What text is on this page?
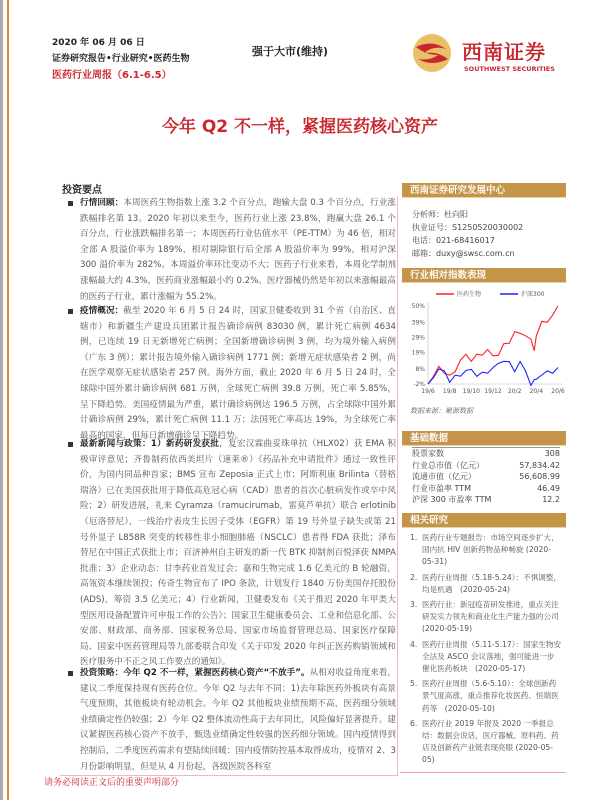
2020 年 06 月 06 日
证券研究报告•行业研究•医药生物
医药行业周报（6.1-6.5）
强于大市(维持)	西南证券
SOUTHWEST SECURITIES
今年 Q2 不一样，紧握医药核心资产
投资要点
行情回顾：本周医药生物指数上涨 3.2 个百分点，跑输大盘 0.3 个百分点，行业涨跌幅排名第 13。2020 年初以来至今，医药行业上涨 23.8%，跑赢大盘 26.1 个百分点，行业涨跌幅排名第一；本周医药行业估值水平（PE-TTM）为 46 倍，相对全部 A 股溢价率为 189%，相对剔除银行后全部 A 股溢价率为 99%，相对沪深 300 溢价率为 282%。本周溢价率环比变动不大；医药子行业来看，本周化学制剂涨幅最大约 4.3%，医药商业涨幅最小约 0.2%。医疗器械仍然是年初以来涨幅最高的医药子行业，累计涨幅为 55.2%。
疫情概况：截至 2020 年 6 月 5 日 24 时，国家卫健委收到 31 个省（自治区、直辖市）和新疆生产建设兵团累计报告确诊病例 83030 例，累计死亡病例 4634 例，已连续 19 日无新增死亡病例；全国新增确诊病例 3 例，均为境外输入病例（广东 3 例）；累计报告境外输入确诊病例 1771 例；新增无症状感染者 2 例，尚在医学观察无症状感染者 257 例。海外方面，截止 2020 年 6 月 5 日 24 时，全球除中国外累计确诊病例 681 万例，全球死亡病例 39.8 万例，死亡率 5.85%，呈下降趋势。美国疫情最为严重，累计确诊病例达 196.5 万例，占全球除中国外累计确诊病例 29%，累计死亡病例 11.1 万；法国死亡率高达 19%，为全球死亡率最高的国家，但每日新增确诊呈下降趋势。
最新新闻与政策：1）新药研发获批，复宏汉霖曲妥珠单抗（HLX02）获 EMA 积极审评意见；齐鲁制药依西美坦片（速莱®）《药品补充申请批件》通过一致性评价，为国内同品种首家；BMS 宣布 Zeposia 正式上市；阿斯利康 Brilinta（替格瑞洛）已在美国获批用于降低高危冠心病（CAD）患者的首次心脏病发作或卒中风险；2）研发进展，礼来 Cyramza（ramucirumab，雷莫芦单抗）联合 erlotinib（厄洛替尼），一线治疗表皮生长因子受体（EGFR）第 19 号外显子缺失或第 21 号外显子 L858R 突变的转移性非小细胞肺癌（NSCLC）患者得 FDA 获批；泽布替尼在中国正式获批上市；百济神州自主研发的新一代 BTK 抑制剂百悦泽获 NMPA 批准；3）企业动态：甘李药业首发过会；嘉和生物完成 1.6 亿美元的 B 轮融资，高瓴资本继续领投；传奇生物宣布了 IPO 条款，计划发行 1840 万份美国存托股份(ADS)，筹资 3.5 亿美元；4）行业新闻，卫健委发布《关于推迟 2020 年甲类大型医用设备配置许可申报工作的公告》；国家卫生健康委员会、工业和信息化部、公安部、财政部、商务部、国家税务总局、国家市场监督管理总局、国家医疗保障局、国家中医药管理局等九部委联合印发《关于印发 2020 年纠正医药购销领域和医疗服务中不正之风工作要点的通知》。
投资策略：今年 Q2 不一样，紧握医药核心资产“不放手”。从相对收益角度来看，建议二季度保持现有医药仓位。今年 Q2 与去年不同：1)去年除医药外板块有高景气度预期，其他板块有轮动机会。今年 Q2 其他板块业绩预期不高，医药细分领域业绩确定性仍较强；2）今年 Q2 整体流动性高于去年同比，风险偏好显著提升。建议紧握医药核心资产不放手，甄选业绩确定性较强的医药细分领域。国内疫情得到控制后，二季度医药需求有望陆续回暖：国内疫情防控基本取得成功，疫情对 2、3 月份影响明显，但是从 4 月份起，各级医院各科室
西南证券研究发展中心
分析师：杜向阳
执业证号：S1250520030002
电话：021-68416017
邮箱：duxy@swsc.com.cn
行业相对指数表现
-2%
8%
19%
29%
39%
50%
19/6 19/8 19/10 19/12 20/2 20/4 20/6
医药生物	沪深300
数据来源：聚源数据
基础数据
股票家数	308
行业总市值（亿元）	57,834.42
流通市值（亿元）	56,608.99
行业市盈率 TTM	46.49
沪深 300 市盈率 TTM	12.2
相关研究
1. 医药行业专题报告：市场空间逐步扩大，国内抗 HIV 创新药物品种畅旋 (2020-05-31)
2. 医药行业周报（5.18-5.24）：不惧调整，均是机遇　(2020-05-24)
3. 医药行业：新冠疫苗研发推进，重点关注研发实力领先和商业化生产能力强的公司　(2020-05-19)
4. 医药行业周报（5.11-5.17）：国家生物安全法及 ASCO 会议落地，强可能进一步催化医药板块　(2020-05-17)
5. 医药行业周报（5.6-5.10）：全球创新药景气度高涨，重点推荐化妆医药、恒瑞医药等　(2020-05-10)
6. 医药行业 2019 年报及 2020 一季报总结：数据会说话，医疗器械、原料药、药店及创新药产业链表现亮眼 (2020-05-05)
请务必阅读正文后的重要声明部分
